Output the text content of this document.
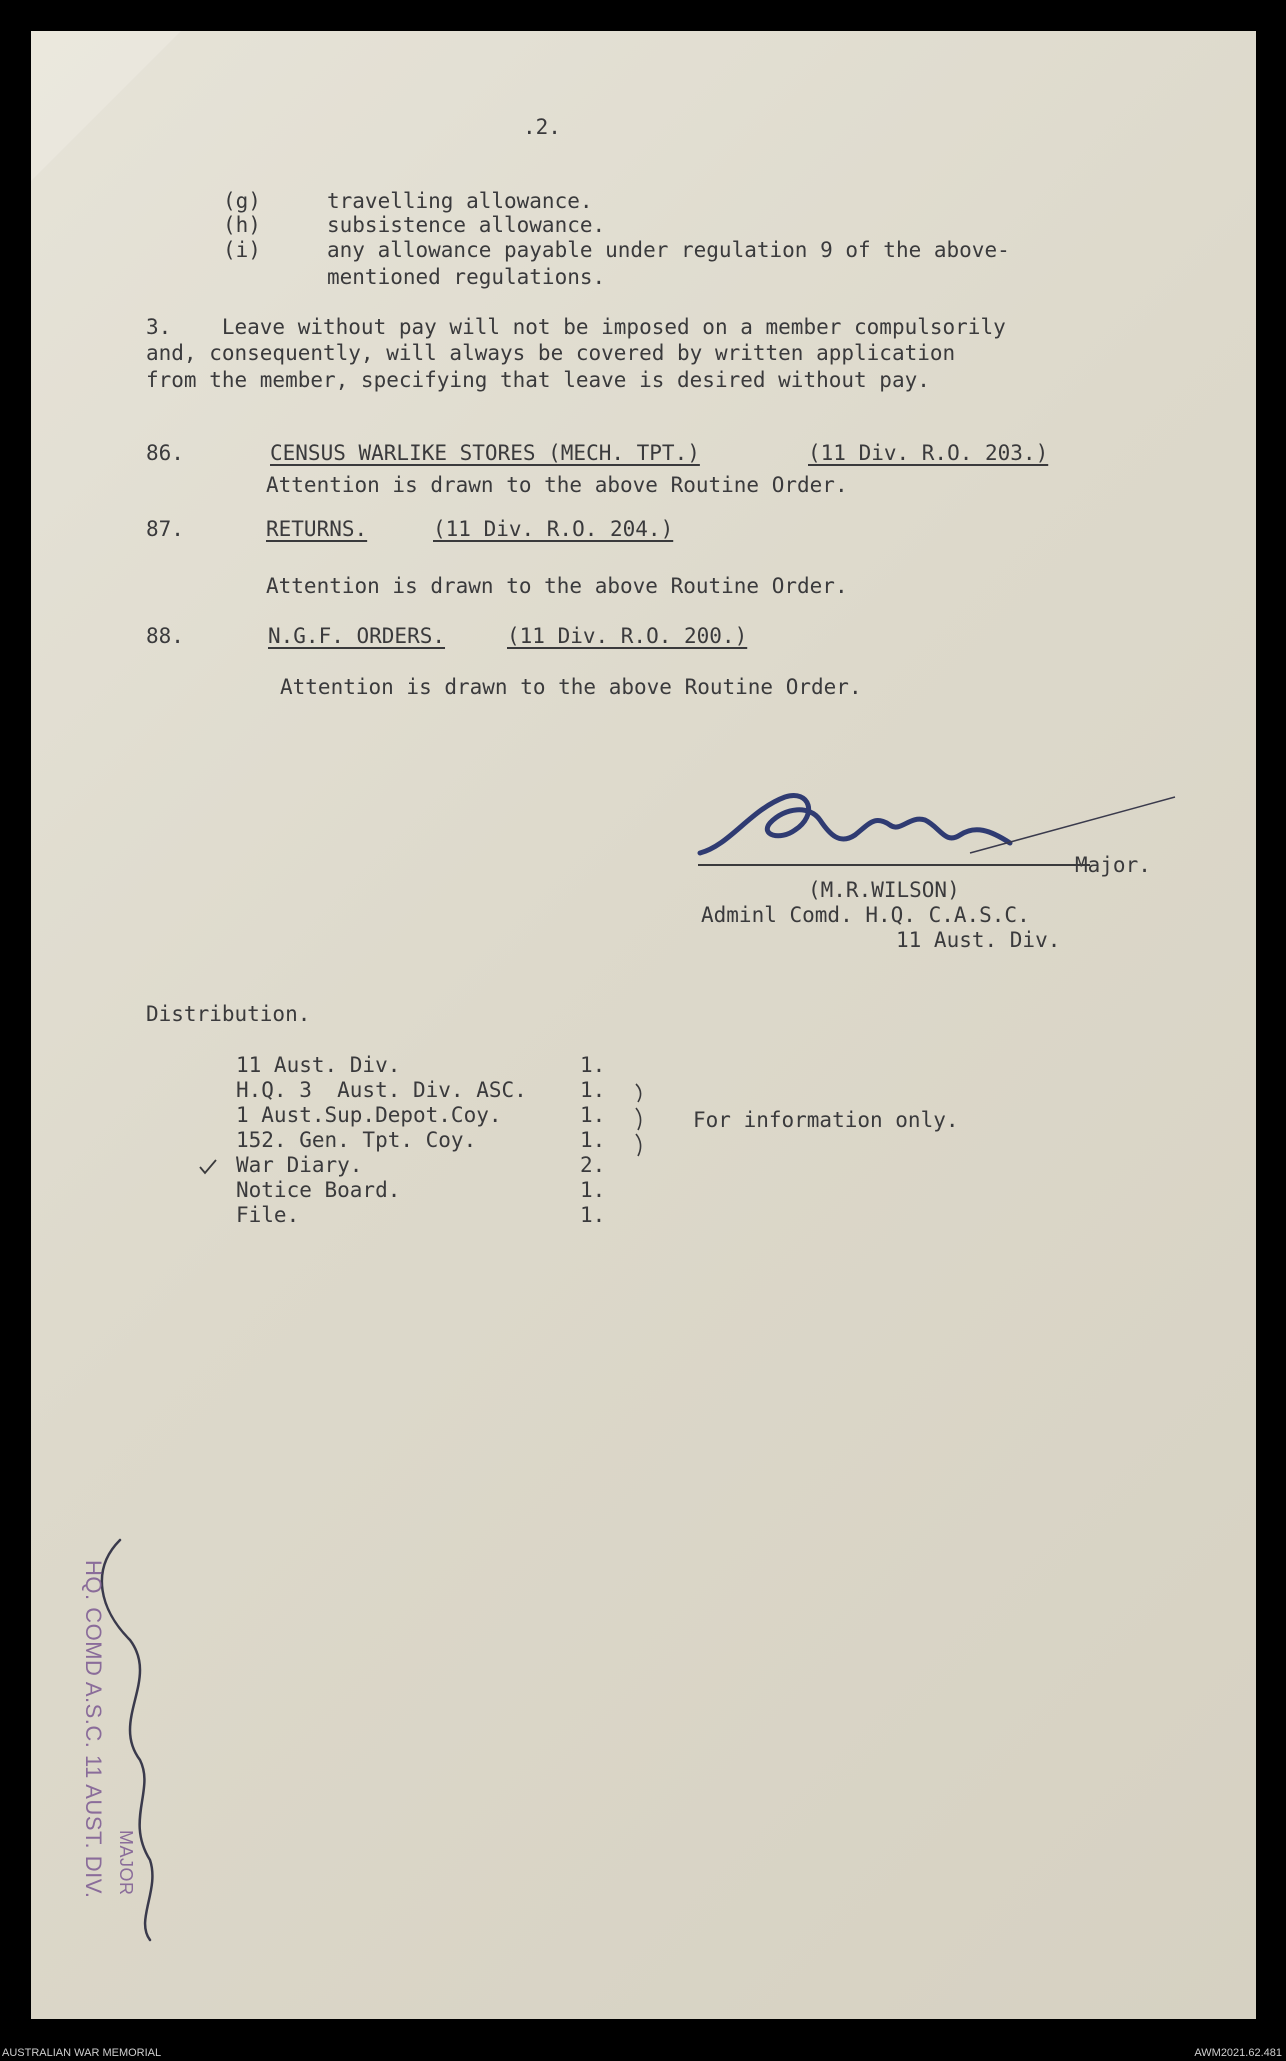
.2.
(g)	travelling allowance.
(h)	subsistence allowance.
(i)	any allowance payable under regulation 9 of the above-
mentioned regulations.
3.    Leave without pay will not be imposed on a member compulsorily
and, consequently, will always be covered by written application
from the member, specifying that leave is desired without pay.
86.	CENSUS WARLIKE STORES (MECH. TPT.)	(11 Div. R.O. 203.)
Attention is drawn to the above Routine Order.
87.	RETURNS.	(11 Div. R.O. 204.)
Attention is drawn to the above Routine Order.
88.	N.G.F. ORDERS.	(11 Div. R.O. 200.)
Attention is drawn to the above Routine Order.
Major.
(M.R.WILSON)
Adminl Comd. H.Q. C.A.S.C.
11 Aust. Div.
Distribution.
11 Aust. Div.	1.
H.Q. 3  Aust. Div. ASC.	1.
1 Aust.Sup.Depot.Coy.	1.
152. Gen. Tpt. Coy.	1.
War Diary.	2.
Notice Board.	1.
File.	1.
For information only.
HQ. COMD A.S.C. 11 AUST. DIV. MAJOR
AUSTRALIAN WAR MEMORIAL	AWM2021.62.481
